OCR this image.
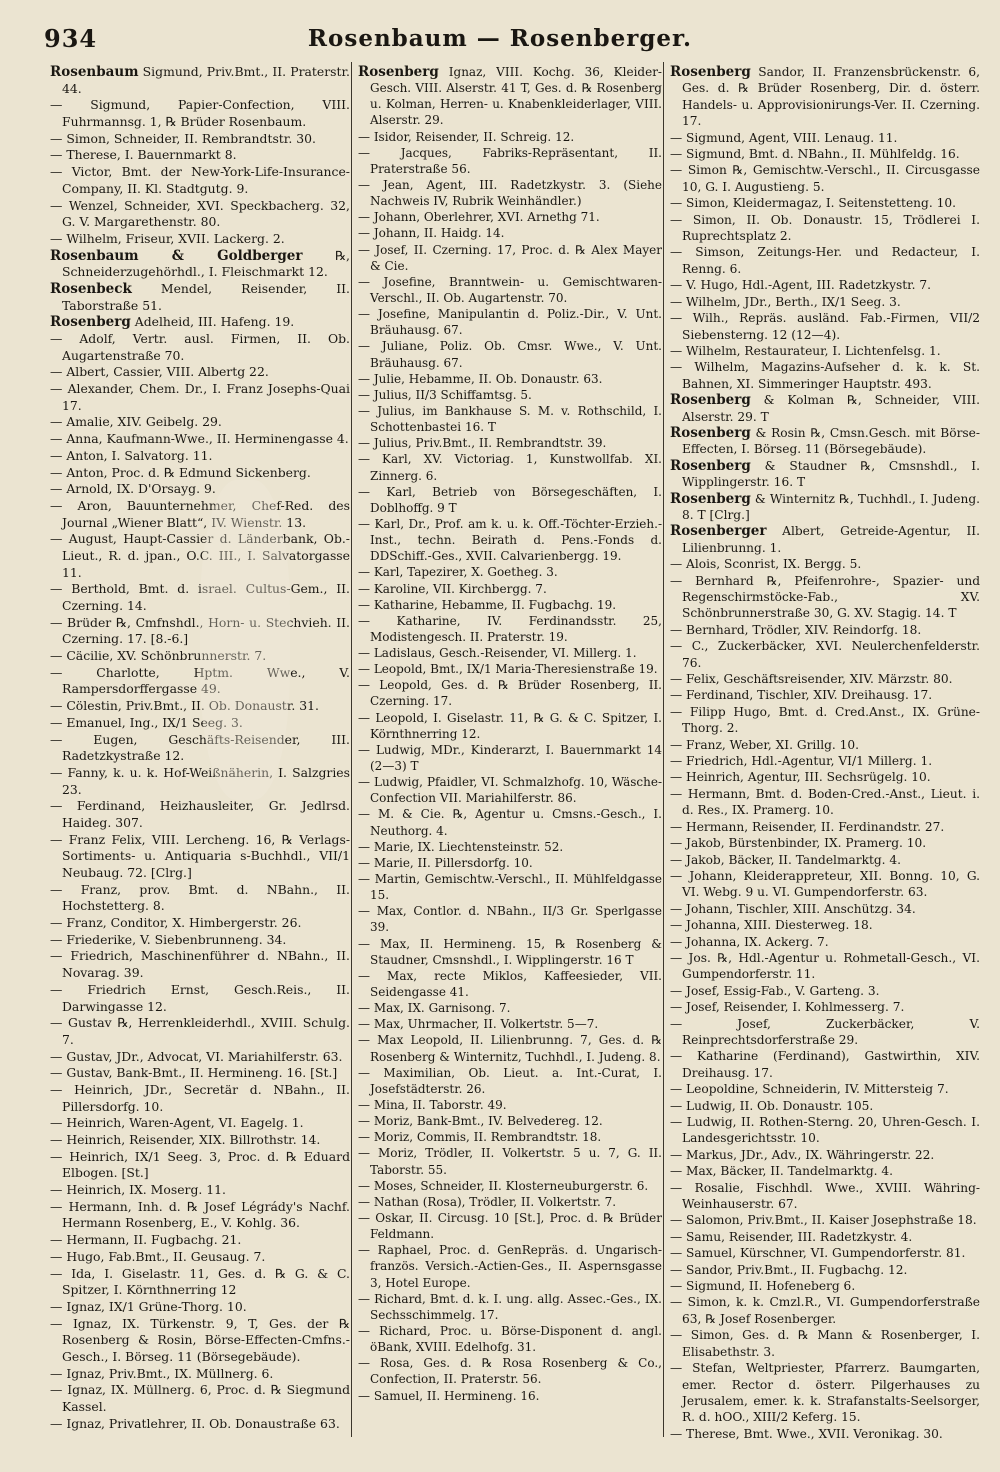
934	Rosenbaum — Rosenberger.

Rosenbaum Sigmund, Priv.Bmt., II. Praterstr. 44.

— Sigmund, Papier-Confection, VIII. Fuhrmannsg. 1, ℞ Brüder Rosenbaum.

— Simon, Schneider, II. Rembrandtstr. 30.

— Therese, I. Bauernmarkt 8.

— Victor, Bmt. der New-York-Life-Insurance-Company, II. Kl. Stadtgutg. 9.

— Wenzel, Schneider, XVI. Speckbacherg. 32, G. V. Margarethenstr. 80.

— Wilhelm, Friseur, XVII. Lackerg. 2.

Rosenbaum & Goldberger ℞, Schneiderzugehörhdl., I. Fleischmarkt 12.

Rosenbeck Mendel, Reisender, II. Taborstraße 51.

Rosenberg Adelheid, III. Hafeng. 19.

— Adolf, Vertr. ausl. Firmen, II. Ob. Augartenstraße 70.

— Albert, Cassier, VIII. Albertg 22.

— Alexander, Chem. Dr., I. Franz Josephs-Quai 17.

— Amalie, XIV. Geibelg. 29.

— Anna, Kaufmann-Wwe., II. Herminengasse 4.

— Anton, I. Salvatorg. 11.

— Anton, Proc. d. ℞ Edmund Sickenberg.

— Arnold, IX. D'Orsayg. 9.

— Aron, Bauunternehmer, Chef-Red. des Journal „Wiener Blatt“, IV. Wienstr. 13.

— August, Haupt-Cassier d. Länderbank, Ob.-Lieut., R. d. jpan., O.C. III., I. Salvatorgasse 11.

— Berthold, Bmt. d. israel. Cultus-Gem., II. Czerning. 14.

— Brüder ℞, Cmfnshdl., Horn- u. Stechvieh. II. Czerning. 17. [8.-6.]

— Cäcilie, XV. Schönbrunnerstr. 7.

— Charlotte, Hptm. Wwe., V. Rampersdorffergasse 49.

— Cölestin, Priv.Bmt., II. Ob. Donaustr. 31.

— Emanuel, Ing., IX/1 Seeg. 3.

— Eugen, Geschäfts-Reisender, III. Radetzkystraße 12.

— Fanny, k. u. k. Hof-Weißnäherin, I. Salzgries 23.

— Ferdinand, Heizhausleiter, Gr. Jedlrsd. Haideg. 307.

— Franz Felix, VIII. Lercheng. 16, ℞ Verlags-Sortiments- u. Antiquaria s-Buchhdl., VII/1 Neubaug. 72. [Clrg.]

— Franz, prov. Bmt. d. NBahn., II. Hochstetterg. 8.

— Franz, Conditor, X. Himbergerstr. 26.

— Friederike, V. Siebenbrunneng. 34.

— Friedrich, Maschinenführer d. NBahn., II. Novarag. 39.

— Friedrich Ernst, Gesch.Reis., II. Darwingasse 12.

— Gustav ℞, Herrenkleiderhdl., XVIII. Schulg. 7.

— Gustav, JDr., Advocat, VI. Mariahilferstr. 63.

— Gustav, Bank-Bmt., II. Hermineng. 16. [St.]

— Heinrich, JDr., Secretär d. NBahn., II. Pillersdorfg. 10.

— Heinrich, Waren-Agent, VI. Eagelg. 1.

— Heinrich, Reisender, XIX. Billrothstr. 14.

— Heinrich, IX/1 Seeg. 3, Proc. d. ℞ Eduard Elbogen. [St.]

— Heinrich, IX. Moserg. 11.

— Hermann, Inh. d. ℞ Josef Légrády's Nachf. Hermann Rosenberg, E., V. Kohlg. 36.

— Hermann, II. Fugbachg. 21.

— Hugo, Fab.Bmt., II. Geusaug. 7.

— Ida, I. Giselastr. 11, Ges. d. ℞ G. & C. Spitzer, I. Körnthnerring 12

— Ignaz, IX/1 Grüne-Thorg. 10.

— Ignaz, IX. Türkenstr. 9, T, Ges. der ℞ Rosenberg & Rosin, Börse-Effecten-Cmfns.-Gesch., I. Börseg. 11 (Börsegebäude).

— Ignaz, Priv.Bmt., IX. Müllnerg. 6.

— Ignaz, IX. Müllnerg. 6, Proc. d. ℞ Siegmund Kassel.

— Ignaz, Privatlehrer, II. Ob. Donaustraße 63.

Rosenberg Ignaz, VIII. Kochg. 36, Kleider-Gesch. VIII. Alserstr. 41 T, Ges. d. ℞ Rosenberg u. Kolman, Herren- u. Knabenkleiderlager, VIII. Alserstr. 29.

— Isidor, Reisender, II. Schreig. 12.

— Jacques, Fabriks-Repräsentant, II. Praterstraße 56.

— Jean, Agent, III. Radetzkystr. 3. (Siehe Nachweis IV, Rubrik Weinhändler.)

— Johann, Oberlehrer, XVI. Arnethg 71.

— Johann, II. Haidg. 14.

— Josef, II. Czerning. 17, Proc. d. ℞ Alex Mayer & Cie.

— Josefine, Branntwein- u. Gemischtwaren-Verschl., II. Ob. Augartenstr. 70.

— Josefine, Manipulantin d. Poliz.-Dir., V. Unt. Bräuhausg. 67.

— Juliane, Poliz. Ob. Cmsr. Wwe., V. Unt. Bräuhausg. 67.

— Julie, Hebamme, II. Ob. Donaustr. 63.

— Julius, II/3 Schiffamtsg. 5.

— Julius, im Bankhause S. M. v. Rothschild, I. Schottenbastei 16. T

— Julius, Priv.Bmt., II. Rembrandtstr. 39.

— Karl, XV. Victoriag. 1, Kunstwollfab. XI. Zinnerg. 6.

— Karl, Betrieb von Börsegeschäften, I. Doblhoffg. 9 T

— Karl, Dr., Prof. am k. u. k. Off.-Töchter-Erzieh.-Inst., techn. Beirath d. Pens.-Fonds d. DDSchiff.-Ges., XVII. Calvarienbergg. 19.

— Karl, Tapezirer, X. Goetheg. 3.

— Karoline, VII. Kirchbergg. 7.

— Katharine, Hebamme, II. Fugbachg. 19.

— Katharine, IV. Ferdinandsstr. 25, Modistengesch. II. Praterstr. 19.

— Ladislaus, Gesch.-Reisender, VI. Millerg. 1.

— Leopold, Bmt., IX/1 Maria-Theresienstraße 19.

— Leopold, Ges. d. ℞ Brüder Rosenberg, II. Czerning. 17.

— Leopold, I. Giselastr. 11, ℞ G. & C. Spitzer, I. Körnthnerring 12.

— Ludwig, MDr., Kinderarzt, I. Bauernmarkt 14 (2—3) T

— Ludwig, Pfaidler, VI. Schmalzhofg. 10, Wäsche-Confection VII. Mariahilferstr. 86.

— M. & Cie. ℞, Agentur u. Cmsns.-Gesch., I. Neuthorg. 4.

— Marie, IX. Liechtensteinstr. 52.

— Marie, II. Pillersdorfg. 10.

— Martin, Gemischtw.-Verschl., II. Mühlfeldgasse 15.

— Max, Contlor. d. NBahn., II/3 Gr. Sperlgasse 39.

— Max, II. Hermineng. 15, ℞ Rosenberg & Staudner, Cmsnshdl., I. Wipplingerstr. 16 T

— Max, recte Miklos, Kaffeesieder, VII. Seidengasse 41.

— Max, IX. Garnisong. 7.

— Max, Uhrmacher, II. Volkertstr. 5—7.

— Max Leopold, II. Lilienbrunng. 7, Ges. d. ℞ Rosenberg & Winternitz, Tuchhdl., I. Judeng. 8.

— Maximilian, Ob. Lieut. a. Int.-Curat, I. Josefstädterstr. 26.

— Mina, II. Taborstr. 49.

— Moriz, Bank-Bmt., IV. Belvedereg. 12.

— Moriz, Commis, II. Rembrandtstr. 18.

— Moriz, Trödler, II. Volkertstr. 5 u. 7, G. II. Taborstr. 55.

— Moses, Schneider, II. Klosterneuburgerstr. 6.

— Nathan (Rosa), Trödler, II. Volkertstr. 7.

— Oskar, II. Circusg. 10 [St.], Proc. d. ℞ Brüder Feldmann.

— Raphael, Proc. d. GenRepräs. d. Ungarisch-französ. Versich.-Actien-Ges., II. Aspernsgasse 3, Hotel Europe.

— Richard, Bmt. d. k. I. ung. allg. Assec.-Ges., IX. Sechsschimmelg. 17.

— Richard, Proc. u. Börse-Disponent d. angl. öBank, XVIII. Edelhofg. 31.

— Rosa, Ges. d. ℞ Rosa Rosenberg & Co., Confection, II. Praterstr. 56.

— Samuel, II. Hermineng. 16.

Rosenberg Sandor, II. Franzensbrückenstr. 6, Ges. d. ℞ Brüder Rosenberg, Dir. d. österr. Handels- u. Approvisionirungs-Ver. II. Czerning. 17.

— Sigmund, Agent, VIII. Lenaug. 11.

— Sigmund, Bmt. d. NBahn., II. Mühlfeldg. 16.

— Simon ℞, Gemischtw.-Verschl., II. Circusgasse 10, G. I. Augustieng. 5.

— Simon, Kleidermagaz, I. Seitenstetteng. 10.

— Simon, II. Ob. Donaustr. 15, Trödlerei I. Ruprechtsplatz 2.

— Simson, Zeitungs-Her. und Redacteur, I. Renng. 6.

— V. Hugo, Hdl.-Agent, III. Radetzkystr. 7.

— Wilhelm, JDr., Berth., IX/1 Seeg. 3.

— Wilh., Repräs. ausländ. Fab.-Firmen, VII/2 Siebensterng. 12 (12—4).

— Wilhelm, Restaurateur, I. Lichtenfelsg. 1.

— Wilhelm, Magazins-Aufseher d. k. k. St. Bahnen, XI. Simmeringer Hauptstr. 493.

Rosenberg & Kolman ℞, Schneider, VIII. Alserstr. 29. T

Rosenberg & Rosin ℞, Cmsn.Gesch. mit Börse-Effecten, I. Börseg. 11 (Börsegebäude).

Rosenberg & Staudner ℞, Cmsnshdl., I. Wipplingerstr. 16. T

Rosenberg & Winternitz ℞, Tuchhdl., I. Judeng. 8. T [Clrg.]

Rosenberger Albert, Getreide-Agentur, II. Lilienbrunng. 1.

— Alois, Sconrist, IX. Bergg. 5.

— Bernhard ℞, Pfeifenrohre-, Spazier- und Regenschirmstöcke-Fab., XV. Schönbrunnerstraße 30, G. XV. Stagig. 14. T

— Bernhard, Trödler, XIV. Reindorfg. 18.

— C., Zuckerbäcker, XVI. Neulerchenfelderstr. 76.

— Felix, Geschäftsreisender, XIV. Märzstr. 80.

— Ferdinand, Tischler, XIV. Dreihausg. 17.

— Filipp Hugo, Bmt. d. Cred.Anst., IX. Grüne-Thorg. 2.

— Franz, Weber, XI. Grillg. 10.

— Friedrich, Hdl.-Agentur, VI/1 Millerg. 1.

— Heinrich, Agentur, III. Sechsrügelg. 10.

— Hermann, Bmt. d. Boden-Cred.-Anst., Lieut. i. d. Res., IX. Pramerg. 10.

— Hermann, Reisender, II. Ferdinandstr. 27.

— Jakob, Bürstenbinder, IX. Pramerg. 10.

— Jakob, Bäcker, II. Tandelmarktg. 4.

— Johann, Kleiderappreteur, XII. Bonng. 10, G. VI. Webg. 9 u. VI. Gumpendorferstr. 63.

— Johann, Tischler, XIII. Anschützg. 34.

— Johanna, XIII. Diesterweg. 18.

— Johanna, IX. Ackerg. 7.

— Jos. ℞, Hdl.-Agentur u. Rohmetall-Gesch., VI. Gumpendorferstr. 11.

— Josef, Essig-Fab., V. Garteng. 3.

— Josef, Reisender, I. Kohlmesserg. 7.

— Josef, Zuckerbäcker, V. Reinprechtsdorferstraße 29.

— Katharine (Ferdinand), Gastwirthin, XIV. Dreihausg. 17.

— Leopoldine, Schneiderin, IV. Mittersteig 7.

— Ludwig, II. Ob. Donaustr. 105.

— Ludwig, II. Rothen-Sterng. 20, Uhren-Gesch. I. Landesgerichtsstr. 10.

— Markus, JDr., Adv., IX. Währingerstr. 22.

— Max, Bäcker, II. Tandelmarktg. 4.

— Rosalie, Fischhdl. Wwe., XVIII. Währing-Weinhauserstr. 67.

— Salomon, Priv.Bmt., II. Kaiser Josephstraße 18.

— Samu, Reisender, III. Radetzkystr. 4.

— Samuel, Kürschner, VI. Gumpendorferstr. 81.

— Sandor, Priv.Bmt., II. Fugbachg. 12.

— Sigmund, II. Hofeneberg 6.

— Simon, k. k. Cmzl.R., VI. Gumpendorferstraße 63, ℞ Josef Rosenberger.

— Simon, Ges. d. ℞ Mann & Rosenberger, I. Elisabethstr. 3.

— Stefan, Weltpriester, Pfarrerz. Baumgarten, emer. Rector d. österr. Pilgerhauses zu Jerusalem, emer. k. k. Strafanstalts-Seelsorger, R. d. hOO., XIII/2 Keferg. 15.

— Therese, Bmt. Wwe., XVII. Veronikag. 30.
